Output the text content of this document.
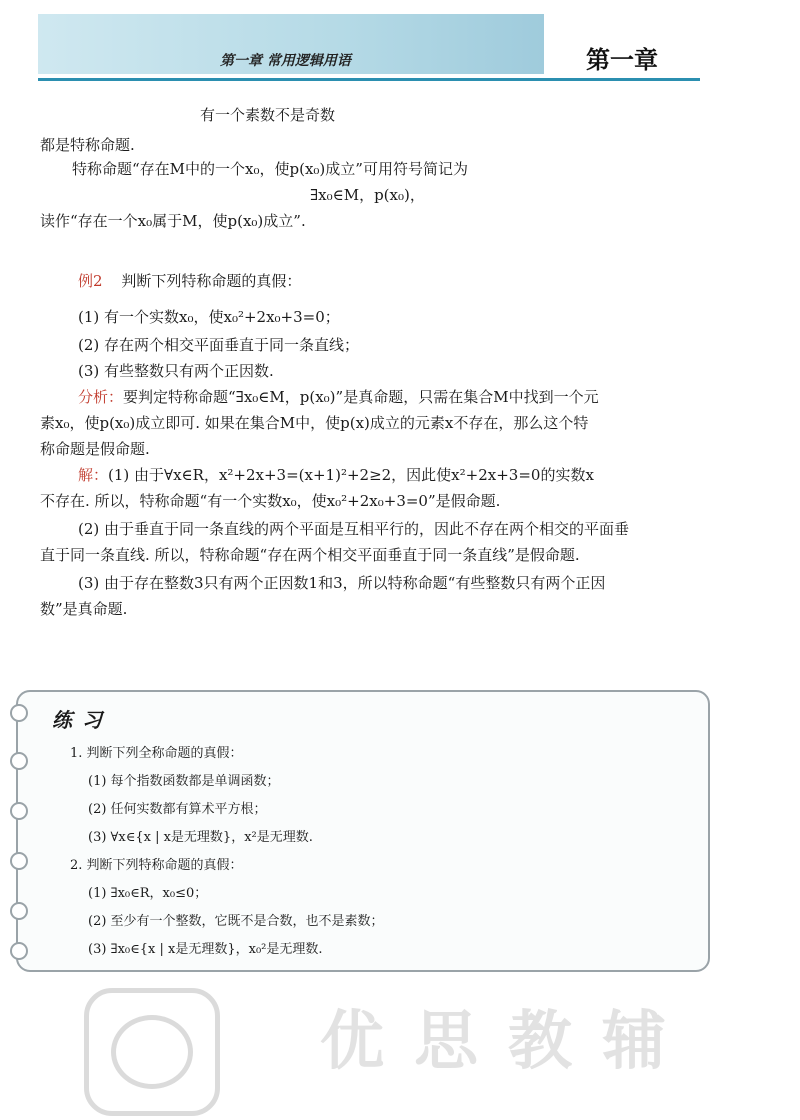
第一章 常用逻辑用语	第一章
有一个素数不是奇数
都是特称命题.
特称命题“存在M中的一个x₀，使p(x₀)成立”可用符号简记为
∃x₀∈M，p(x₀)，
读作“存在一个x₀属于M，使p(x₀)成立”.
例2 判断下列特称命题的真假：
(1) 有一个实数x₀，使x₀²+2x₀+3=0；
(2) 存在两个相交平面垂直于同一条直线；
(3) 有些整数只有两个正因数.
分析：要判定特称命题“∃x₀∈M，p(x₀)”是真命题，只需在集合M中找到一个元
素x₀，使p(x₀)成立即可. 如果在集合M中，使p(x)成立的元素x不存在，那么这个特
称命题是假命题.
解：(1) 由于∀x∈R，x²+2x+3=(x+1)²+2≥2，因此使x²+2x+3=0的实数x
不存在. 所以，特称命题“有一个实数x₀，使x₀²+2x₀+3=0”是假命题.
(2) 由于垂直于同一条直线的两个平面是互相平行的，因此不存在两个相交的平面垂
直于同一条直线. 所以，特称命题“存在两个相交平面垂直于同一条直线”是假命题.
(3) 由于存在整数3只有两个正因数1和3，所以特称命题“有些整数只有两个正因
数”是真命题.
练习
1. 判断下列全称命题的真假：
(1) 每个指数函数都是单调函数；
(2) 任何实数都有算术平方根；
(3) ∀x∈{x | x是无理数}，x²是无理数.
2. 判断下列特称命题的真假：
(1) ∃x₀∈R，x₀≤0；
(2) 至少有一个整数，它既不是合数，也不是素数；
(3) ∃x₀∈{x | x是无理数}，x₀²是无理数.
优思教辅
